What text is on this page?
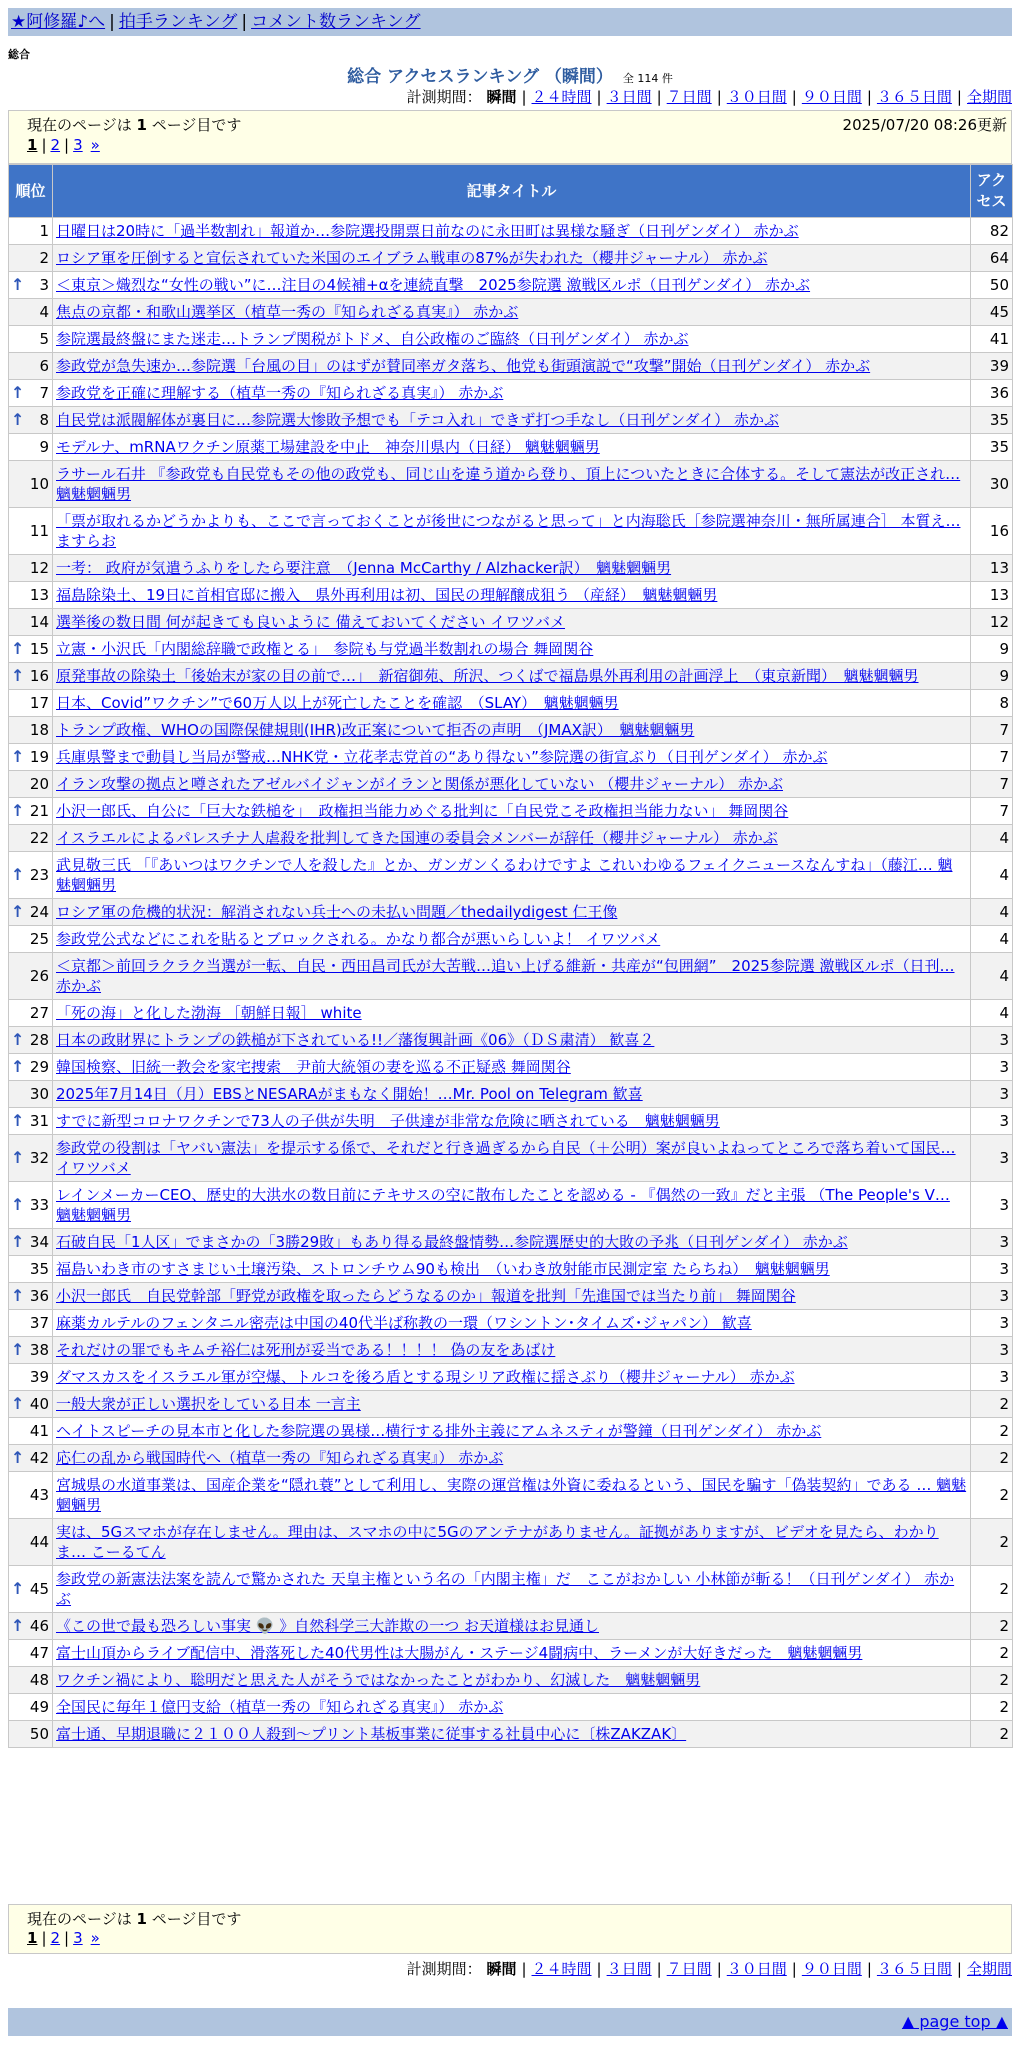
★阿修羅♪へ | 拍手ランキング | コメント数ランキング
総合
総合 アクセスランキング （瞬間） 全 114 件
計測期間： 瞬間 | ２４時間 | ３日間 | ７日間 | ３０日間 | ９０日間 | ３６５日間 | 全期間
現在のページは 1 ページ目です	2025/07/20 08:26更新
1 | 2 | 3 »
順位	記事タイトル	アクセス
1	日曜日は20時に「過半数割れ」報道か…参院選投開票日前なのに永田町は異様な騒ぎ（日刊ゲンダイ） 赤かぶ	82
2	ロシア軍を圧倒すると宣伝されていた米国のエイブラム戦車の87%が失われた（櫻井ジャーナル） 赤かぶ	64

↑ 3	＜東京＞熾烈な“女性の戦い”に…注目の4候補+αを連続直撃　2025参院選 激戦区ルポ（日刊ゲンダイ） 赤かぶ	50
4	焦点の京都・和歌山選挙区（植草一秀の『知られざる真実』） 赤かぶ	45
5	参院選最終盤にまた迷走…トランプ関税がトドメ、自公政権のご臨終（日刊ゲンダイ） 赤かぶ	41
6	参政党が急失速か…参院選「台風の目」のはずが賛同率ガタ落ち、他党も街頭演説で“攻撃”開始（日刊ゲンダイ） 赤かぶ	39

↑ 7	参政党を正確に理解する（植草一秀の『知られざる真実』） 赤かぶ	36

↑ 8	自民党は派閥解体が裏目に…参院選大惨敗予想でも「テコ入れ」できず打つ手なし（日刊ゲンダイ） 赤かぶ	35
9	モデルナ、mRNAワクチン原薬工場建設を中止　神奈川県内（日経） 魑魅魍魎男	35
10	ラサール石井 『参政党も自民党もその他の政党も、同じ山を違う道から登り、頂上についたときに合体する。そして憲法が改正され… 魑魅魍魎男	30
11	「票が取れるかどうかよりも、ここで言っておくことが後世につながると思って」と内海聡氏［参院選神奈川・無所属連合］ 本質え… ますらお	16
12	一考： 政府が気遣うふりをしたら要注意　（Jenna McCarthy / Alzhacker訳）　魑魅魍魎男	13
13	福島除染土、19日に首相官邸に搬入　県外再利用は初、国民の理解醸成狙う （産経）　魑魅魍魎男	13
14	選挙後の数日間 何が起きても良いように 備えておいてください イワツバメ	12

↑ 15	立憲・小沢氏「内閣総辞職で政権とる」　参院も与党過半数割れの場合 舞岡関谷	9

↑ 16	原発事故の除染土「後始末が家の目の前で…」　新宿御苑、所沢、つくばで福島県外再利用の計画浮上　（東京新聞）　魑魅魍魎男	9
17	日本、Covid”ワクチン”で60万人以上が死亡したことを確認　（SLAY）　魑魅魍魎男	8
18	トランプ政権、WHOの国際保健規則(IHR)改正案について拒否の声明　（JMAX訳）　魑魅魍魎男	7

↑ 19	兵庫県警まで動員し当局が警戒…NHK党・立花孝志党首の“あり得ない”参院選の街宣ぶり（日刊ゲンダイ） 赤かぶ	7
20	イラン攻撃の拠点と噂されたアゼルバイジャンがイランと関係が悪化していない （櫻井ジャーナル） 赤かぶ	7

↑ 21	小沢一郎氏、自公に「巨大な鉄槌を」　政権担当能力めぐる批判に「自民党こそ政権担当能力ない」 舞岡関谷	7
22	イスラエルによるパレスチナ人虐殺を批判してきた国連の委員会メンバーが辞任（櫻井ジャーナル） 赤かぶ	4

↑ 23	武見敬三氏 「『あいつはワクチンで人を殺した』とか、ガンガンくるわけですよ これいわゆるフェイクニュースなんすね」（藤江… 魑魅魍魎男	4

↑ 24	ロシア軍の危機的状況：解消されない兵士への未払い問題／thedailydigest 仁王像	4
25	参政党公式などにこれを貼るとブロックされる。かなり都合が悪いらしいよ！ イワツバメ	4
26	＜京都＞前回ラクラク当選が一転、自民・西田昌司氏が大苦戦…追い上げる維新・共産が“包囲網”　2025参院選 激戦区ルポ（日刊… 赤かぶ	4
27	「死の海」と化した渤海 ［朝鮮日報］ white	4

↑ 28	日本の政財界にトランプの鉄槌が下されている!!／藩復興計画《06》（ＤＳ粛清） 歓喜２	3

↑ 29	韓国検察、旧統一教会を家宅捜索　尹前大統領の妻を巡る不正疑惑 舞岡関谷	3
30	2025年7月14日（月）EBSとNESARAがまもなく開始！…Mr. Pool on Telegram 歓喜	3

↑ 31	すでに新型コロナワクチンで73人の子供が失明　子供達が非常な危険に晒されている　魑魅魍魎男	3

↑ 32	参政党の役割は「ヤバい憲法」を提示する係で、それだと行き過ぎるから自民（＋公明）案が良いよねってところで落ち着いて国民… イワツバメ	3

↑ 33	レインメーカーCEO、歴史的大洪水の数日前にテキサスの空に散布したことを認める - 『偶然の一致』だと主張 （The People's V… 魑魅魍魎男	3

↑ 34	石破自民「1人区」でまさかの「3勝29敗」もあり得る最終盤情勢…参院選歴史的大敗の予兆（日刊ゲンダイ） 赤かぶ	3
35	福島いわき市のすさまじい土壌汚染、ストロンチウム90も検出　（いわき放射能市民測定室 たらちね）　魑魅魍魎男	3

↑ 36	小沢一郎氏　自民党幹部「野党が政権を取ったらどうなるのか」報道を批判「先進国では当たり前」 舞岡関谷	3
37	麻薬カルテルのフェンタニル密売は中国の40代半ば称教の一環（ワシントン･タイムズ･ジャパン） 歓喜	3

↑ 38	それだけの罪でもキムチ裕仁は死刑が妥当である！！！！ 偽の友をあばけ	3
39	ダマスカスをイスラエル軍が空爆、トルコを後ろ盾とする現シリア政権に揺さぶり（櫻井ジャーナル） 赤かぶ	3

↑ 40	一般大衆が正しい選択をしている日本 一言主	2
41	ヘイトスピーチの見本市と化した参院選の異様…横行する排外主義にアムネスティが警鐘（日刊ゲンダイ） 赤かぶ	2

↑ 42	応仁の乱から戦国時代へ（植草一秀の『知られざる真実』） 赤かぶ	2
43	宮城県の水道事業は、国産企業を“隠れ蓑”として利用し、実際の運営権は外資に委ねるという、国民を騙す「偽装契約」である … 魑魅魍魎男	2
44	実は、5Gスマホが存在しません。理由は、スマホの中に5Gのアンテナがありません。証拠がありますが、ビデオを見たら、わかりま… こーるてん	2

↑ 45	参政党の新憲法法案を読んで驚かされた 天皇主権という名の「内閣主権」だ　ここがおかしい 小林節が斬る！（日刊ゲンダイ） 赤かぶ	2

↑ 46	《この世で最も恐ろしい事実 👽 》自然科学三大詐欺の一つ お天道様はお見通し	2
47	富士山頂からライブ配信中、滑落死した40代男性は大腸がん・ステージ4闘病中、ラーメンが大好きだった　魑魅魍魎男	2
48	ワクチン禍により、聡明だと思えた人がそうではなかったことがわかり、幻滅した　魑魅魍魎男	2
49	全国民に毎年１億円支給（植草一秀の『知られざる真実』） 赤かぶ	2
50	富士通、早期退職に２１００人殺到～プリント基板事業に従事する社員中心に〔株ZAKZAK〕	2
現在のページは 1 ページ目です
1 | 2 | 3 »
計測期間： 瞬間 | ２４時間 | ３日間 | ７日間 | ３０日間 | ９０日間 | ３６５日間 | 全期間
▲ page top ▲
